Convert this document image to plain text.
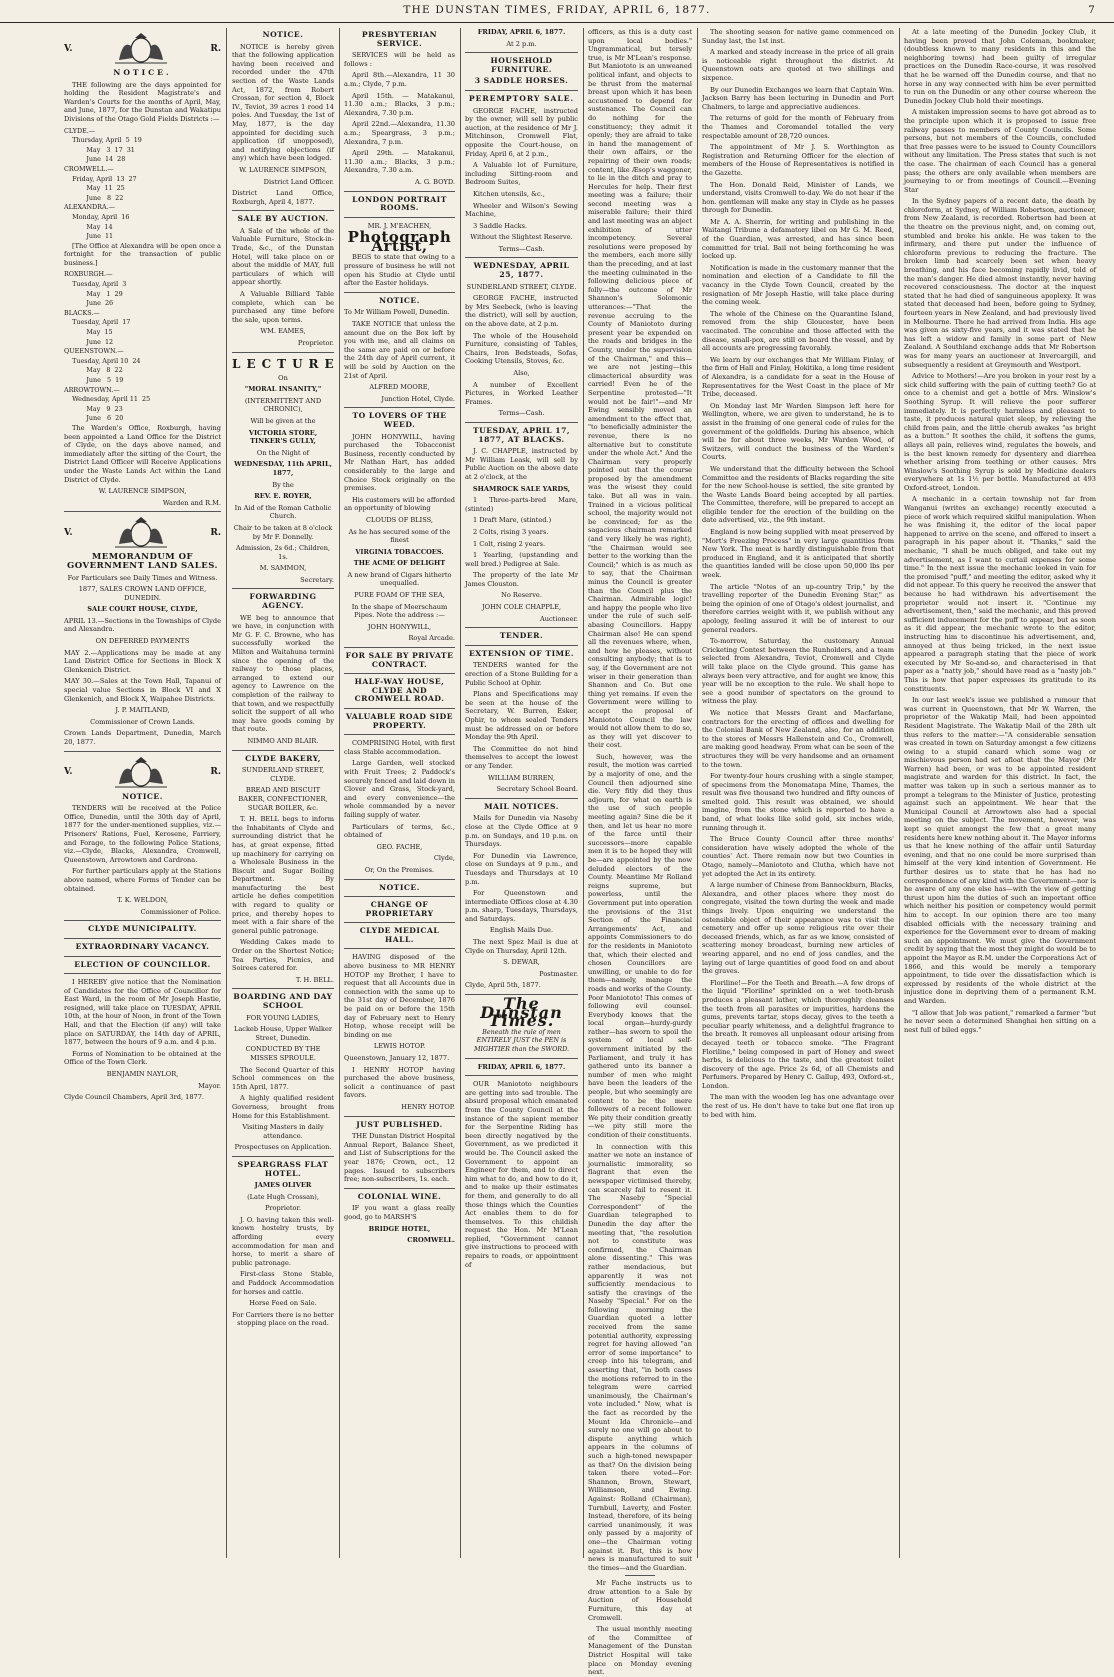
THE DUNSTAN TIMES, FRIDAY, APRIL 6, 1877.	7
V.	R.
NOTICE.

THE following are the days appointed for holding the Resident Magistrate's and Warden's Courts for the months of April, May, and June, 1877, for the Dunstan and Wakatipu Divisions of the Otago Gold Fields Districts :—

CLYDE.—
Thursday, April  5  19
May   3  17  31
June  14  28
CROMWELL.—
Friday, April  13  27
May  11  25
June   8  22
ALEXANDRA.—
Monday, April  16
May  14
June  11

[The Office at Alexandra will be open once a fortnight for the transaction of public business.]

ROXBURGH.—
Tuesday, April  3
May   1  29
June  26
BLACKS.—
Tuesday, April  17
May  15
June  12
QUEENSTOWN.—
Tuesday, April 10  24
May   8  22
June   5  19
ARROWTOWN.—
Wednesday, April 11  25
May   9  23
June   6  20

The Warden's Office, Roxburgh, having been appointed a Land Office for the District of Clyde, on the days above named, and immediately after the sitting of the Court, the District Land Officer will Receive Applications under the Waste Lands Act within the Land District of Clyde.

W. LAURENCE SIMPSON,

Warden and R.M.

V.	R.
MEMORANDUM OF GOVERNMENT LAND SALES.

For Particulars see Daily Times and Witness.

1877, SALES CROWN LAND OFFICE, DUNEDIN.

SALE COURT HOUSE, CLYDE,

APRIL 13.—Sections in the Townships of Clyde and Alexandra.

ON DEFERRED PAYMENTS

MAY 2.—Applications may be made at any Land District Office for Sections in Block X Glenkenich District.

MAY 30.—Sales at the Town Hall, Tapanui of special value Sections in Block VI and X Glenkenich, and Block X, Waipahee Districts.

J. P. MAITLAND,

Commissioner of Crown Lands.

Crown Lands Department, Dunedin, March 20, 1877.

V.	R.
NOTICE.

TENDERS will be received at the Police Office, Dunedin, until the 30th day of April, 1877 for the under-mentioned supplies, viz.—Prisoners' Rations, Fuel, Kerosene, Farriery, and Forage, to the following Police Stations, viz.—Clyde, Blacks, Alexandra, Cromwell, Queenstown, Arrowtown and Cardrona.

For further particulars apply at the Stations above named, where Forms of Tender can be obtained.

T. K. WELDON,

Commissioner of Police.

CLYDE MUNICIPALITY.
EXTRAORDINARY VACANCY.
ELECTION OF COUNCILLOR.

I HEREBY give notice that the Nomination of Candidates for the Office of Councillor for East Ward, in the room of Mr Joseph Hastie, resigned, will take place on TUESDAY, APRIL 10th, at the hour of Noon, in front of the Town Hall, and that the Election (if any) will take place on SATURDAY, the 14th day of APRIL, 1877, between the hours of 9 a.m. and 4 p.m.

Forms of Nomination to be obtained at the Office of the Town Clerk.

BENJAMIN NAYLOR,

Mayor.

Clyde Council Chambers, April 3rd, 1877.

NOTICE.

NOTICE is hereby given that the following application having been received and recorded under the 47th section of the Waste Lands Act, 1872, from Robert Crossan, for section 4, Block IV., Teviot, 39 acres 1 rood 14 poles. And Tuesday, the 1st of May, 1877, is the day appointed for deciding such application (if unopposed), and notifying objections (if any) which have been lodged.

W. LAURENCE SIMPSON,

District Land Officer.

District Land Office, Roxburgh, April 4, 1877.

SALE BY AUCTION.

A Sale of the whole of the Valuable Furniture, Stock-in-Trade, &c., of the Dunstan Hotel, will take place on or about the middle of MAY, full particulars of which will appear shortly.

A Valuable Billiard Table complete, which can be purchased any time before the sale, upon terms.

WM. EAMES,

Proprietor.

LECTURE

On

"MORAL INSANITY,"

(INTERMITTENT AND CHRONIC),

Will be given at the

VICTORIA STORE, TINKER'S GULLY,

On the Night of

WEDNESDAY, 11th APRIL, 1877,

By the

REV. E. ROYER,

In Aid of the Roman Catholic Church.

Chair to be taken at 8 o'clock by Mr F. Donnelly.

Admission, 2s 6d.; Children, 1s.

M. SAMMON,

Secretary.

FORWARDING AGENCY.

WE beg to announce that we have, in conjunction with Mr G. F. C. Browne, who has successfully worked the Milton and Waitahuna termini since the opening of the railway to those places, arranged to extend our agency to Lawrence on the completion of the railway to that town, and we respectfully solicit the support of all who may have goods coming by that route.

NIMMO AND BLAIR.

CLYDE BAKERY,

SUNDERLAND STREET, CLYDE.

BREAD AND BISCUIT BAKER, CONFECTIONER, SUGAR BOILER, &c.

T. H. BELL begs to inform the Inhabitants of Clyde and surrounding district that he has, at great expense, fitted up machinery for carrying on a Wholesale Business in the Biscuit and Sugar Boiling Department. By manufacturing the best article he defies competition with regard to quality or price, and thereby hopes to meet with a fair share of the general public patronage.

Wedding Cakes made to Order on the Shortest Notice; Tea Parties, Picnics, and Soirees catered for.

T. H. BELL.

BOARDING AND DAY SCHOOL

FOR YOUNG LADIES,

Lackeb House, Upper Walker Street, Dunedin.

CONDUCTED BY THE MISSES SPROULE.

The Second Quarter of this School commences on the 15th April, 1877.

A highly qualified resident Governess, brought from Home for this Establishment.

Visiting Masters in daily attendance.

Prospectuses on Application.

SPEARGRASS FLAT HOTEL.

JAMES OLIVER

(Late Hugh Crossan),

Proprietor.

J. O. having taken this well-known hostelry trusts, by affording every accommodation for man and horse, to merit a share of public patronage.

First-class Stone Stable, and Paddock Accommodation for horses and cattle.

Horse Feed on Sale.

For Carriers there is no better stopping place on the road.

PRESBYTERIAN SERVICE.

SERVICES will be held as follows :

April 8th.—Alexandra, 11 30 a.m.; Clyde, 7 p.m.

April 15th. — Matakanui, 11.30 a.m.; Blacks, 3 p.m.; Alexandra, 7.30 p.m.

April 22nd.—Alexandra, 11.30 a.m.; Speargrass, 3 p.m.; Alexandra, 7 p.m.

April 29th. — Matakanui, 11.30 a.m.; Blacks, 3 p.m.; Alexandra, 7.30 a.m.

A. G. BOYD.

LONDON PORTRAIT ROOMS.

MR. J. M'EACHEN,

Photograph Artist,

BEGS to state that owing to a pressure of business he will not open his Studio at Clyde until after the Easter holidays.

NOTICE.

To Mr William Powell, Dunedin.

TAKE NOTICE that unless the amount due on the Box left by you with me, and all claims on the same are paid on or before the 24th day of April current, it will be sold by Auction on the 21st of April.

ALFRED MOORE,

Junction Hotel, Clyde.

TO LOVERS OF THE WEED.

JOHN HONYWILL, having purchased the Tobacconist Business, recently conducted by Mr Nathan Hart, has added considerably to the large and Choice Stock originally on the premises.

His customers will be afforded an opportunity of blowing

CLOUDS OF BLISS,

As he has secured some of the finest

VIRGINIA TOBACCOES.

THE ACME OF DELIGHT

A new brand of Cigars hitherto unequalled.

PURE FOAM OF THE SEA,

In the shape of Meerschaum Pipes. Note the address :—

JOHN HONYWILL,

Royal Arcade.

FOR SALE BY PRIVATE CONTRACT.
HALF-WAY HOUSE, CLYDE AND CROMWELL ROAD.
VALUABLE ROAD SIDE PROPERTY.

COMPRISING Hotel, with first class Stable accommodation.

Large Garden, well stocked with Fruit Trees; 2 Paddock's securely fenced and laid down in Clover and Grass, Stock-yard, and every convenience—the whole commanded by a never failing supply of water.

Particulars of terms, &c., obtained of

GEO. FACHE,

Clyde,

Or, On the Premises.

NOTICE.
CHANGE OF PROPRIETARY
CLYDE MEDICAL HALL.

HAVING disposed of the above business to MR HENRY HOTOP my Brother, I have to request that all Accounts due in connection with the same up to the 31st day of December, 1876 be paid on or before the 15th day of February next to Henry Hotop, whose receipt will be binding on me

LEWIS HOTOP.

Queenstown, January 12, 1877.

I HENRY HOTOP having purchased the above business, solicit a continuance of past favors.

HENRY HOTOP.

JUST PUBLISHED.

THE Dunstan District Hospital Annual Report, Balance Sheet, and List of Subscriptions for the year 1876; Crown, oct., 12 pages. Issued to subscribers free; non-subscribers, 1s. each.

COLONIAL WINE.

IF you want a glass really good, go to MARSH'S

BRIDGE HOTEL,

CROMWELL.

FRIDAY, APRIL 6, 1877.

At 2 p.m.

HOUSEHOLD FURNITURE.
3 SADDLE HORSES.
PEREMPTORY SALE.

GEORGE FACHE, instructed by the owner, will sell by public auction, at the residence of Mr J. Mitchinson, Cromwell Flat, opposite the Court-house, on Friday, April 6, at 2 p.m.,

A Valuable lot of Furniture, including Sitting-room and Bedroom Suites,

Kitchen utensils, &c.,

Wheeler and Wilson's Sewing Machine,

3 Saddle Hacks.

Without the Slightest Reserve.

Terms—Cash.

WEDNESDAY, APRIL 25, 1877.

SUNDERLAND STREET, CLYDE.

GEORGE FACHE, instructed by Mrs Seebeck, (who is leaving the district), will sell by auction, on the above date, at 2 p.m.

The whole of the Household Furniture, consisting of Tables, Chairs, Iron Bedsteads, Sofas, Cooking Utensils, Stoves, &c.

Also,

A number of Excellent Pictures, in Worked Leather Frames.

Terms—Cash.

TUESDAY, APRIL 17, 1877, AT BLACKS.

J. C. CHAPPLE, instructed by Mr William Leask, will sell by Public Auction on the above date at 2 o'clock, at the

SHAMROCK SALE YARDS,

1 Three-parts-bred Mare, (stinted)

1 Draft Mare, (stinted.)

2 Colts, rising 3 years.

1 Colt, rising 2 years.

1 Yearling, (upstanding and well bred.) Pedigree at Sale.

The property of the late Mr James Clouston.

No Reserve.

JOHN COLE CHAPPLE,

Auctioneer.

TENDER.
EXTENSION OF TIME.

TENDERS wanted for the erection of a Stone Building for a Public School at Ophir.

Plans and Specifications may be seen at the house of the Secretary, W. Burren, Esker, Ophir, to whom sealed Tenders must be addressed on or before Monday the 9th April.

The Committee do not bind themselves to accept the lowest or any Tender.

WILLIAM BURREN,

Secretary School Board.

MAIL NOTICES.

Mails for Dunedin via Naseby close at the Clyde Office at 9 p.m. on Sundays, and 10 p.m. on Thursdays.

For Dunedin via Lawrence, close on Sundays at 9 p.m., and Tuesdays and Thursdays at 10 p.m.

For Queenstown and intermediate Offices close at 4.30 p.m. sharp, Tuesdays, Thursdays, and Saturdays.

English Mails Due.

The next Spez Mail is due at Clyde on Thursday, April 12th.

S. DEWAR,

Postmaster.

Clyde, April 5th, 1877.

The Dunstan Times.
Beneath the rule of men ENTIRELY JUST the PEN is MIGHTIER than the SWORD.

FRIDAY, APRIL 6, 1877.

OUR Maniototo neighbours are getting into sad trouble. The absurd proposal which emanated from the County Council at the instance of the sapient member for the Serpentine Riding has been directly negatived by the Government, as we predicted it would be. The Council asked the Government to appoint an Engineer for them, and to direct him what to do, and how to do it, and to make up their estimates for them, and generally to do all those things which the Counties Act enables them to do for themselves. To this childish request the Hon. Mr M'Lean replied, "Government cannot give instructions to proceed with repairs to roads, or appointment of

officers, as this is a duty cast upon local bodies." Ungrammatical, but tersely true, is Mr M'Lean's response. But Maniototo is an unweaned political infant, and objects to be thrust from the maternal breast upon which it has been accustomed to depend for sustenance. The Council can do nothing for the constituency; they admit it openly; they are afraid to take in hand the management of their own affairs, or the repairing of their own roads; content, like Æsop's waggoner, to lie in the ditch and pray to Hercules for help. Their first meeting was a failure; their second meeting was a miserable failure; their third and last meeting was an abject exhibition of utter incompetency. Several resolutions were proposed by the members, each more silly than the preceding, and at last the meeting culminated in the following delicious piece of folly—the outcome of Mr Shannon's Solomonic utterances:—"That the revenue accruing to the County of Maniototo during present year be expended on the roads and bridges in the County, under the supervision of the Chairman," and this—we are not jesting—this climacterical absurdity was carried! Even he of the Serpentine protested—"It would not be fair!"—and Mr Ewing sensibly moved an amendment to the effect that, "to beneficially administer the revenue, there is no alternative but to constitute under the whole Act." And the Chairman very properly pointed out that the course proposed by the amendment was the wisest they could take. But all was in vain. Trained in a vicious political school, the majority would not be convinced; for as the sagacious chairman remarked (and very likely he was right), "the Chairman would see better to the working than the Council;" which is as much as to say, that the Chairman minus the Council is greater than the Council plus the Chairman. Admirable logic! and happy the people who live under the rule of such self-abasing Councillors. Happy Chairman also! He can spend all the revenues where, when, and how he pleases, without consulting anybody; that is to say, if the Government are not wiser in their generation than Shannon and Co. But one thing yet remains. If even the Government were willing to accept the proposal of Maniototo Council the law would not allow them to do so, as they will yet discover to their cost.

Such, however, was the result, the motion was carried by a majority of one, and the Council then adjourned sine die. Very fitly did they thus adjourn, for what on earth is the use of such people meeting again? Sine die be it then, and let us hear no more of the farce until their successors—more capable men it is to be hoped they will be—are appointed by the now deluded electors of the County. Meantime Mr Rolland reigns supreme, but powerless, until the Government put into operation the provisions of the 31st Section of the Financial Arrangements' Act, and appoints Commissioners to do for the residents in Maniototo that, which their elected and chosen Councillors are unwilling, or unable to do for them—namely, manage the roads and works of the County. Poor Maniototo! This comes of following evil counsel. Everybody knows that the local organ—hurdy-gurdy rather—has sworn to spoil the system of local self-government initiated by the Parliament, and truly it has gathered unto its banner a number of men who might have been the leaders of the people, but who seemingly are content to be the mere followers of a recent follower. We pity their condition greatly—we pity still more the condition of their constituents.

In connection with this matter we note an instance of journalistic immorality, so flagrant that even the newspaper victimised thereby, can scarcely fail to resent it. The Naseby "Special Correspondent" of the Guardian telegraphed to Dunedin the day after the meeting that, "the resolution not to constitute was confirmed, the Chairman alone dissenting." This was rather mendacious, but apparently it was not sufficiently mendacious to satisfy the cravings of the Naseby "Special." For on the following morning the Guardian quoted a letter received from the same potential authority, expressing regret for having allowed "an error of some importance" to creep into his telegram, and asserting that, "in both cases the motions referred to in the telegram were carried unanimously, the Chairman's vote included." Now, what is the fact as recorded by the Mount Ida Chronicle—and surely no one will go about to dispute anything which appears in the columns of such a high-toned newspaper as that? On the division being taken there voted—For: Shannon, Brown, Stewart, Williamson, and Ewing. Against: Rolland (Chairman), Turnbull, Laverty, and Foster. Instead, therefore, of its being carried unanimously, it was only passed by a majority of one—the Chairman voting against it. But, this is how news is manufactured to suit the times—and the Guardian.

Mr Fache instructs us to draw attention to a Sale by Auction of Household Furniture, this day at Cromwell.

The usual monthly meeting of the Committee of Management of the Dunstan District Hospital will take place on Monday evening next.

The shooting season for native game commenced on Sunday last, the 1st inst.

A marked and steady increase in the price of all grain is noticeable right throughout the district. At Queenstown oats are quoted at two shillings and sixpence.

By our Dunedin Exchanges we learn that Captain Wm. Jackson Barry has been lecturing in Dunedin and Port Chalmers, to large and appreciative audiences.

The returns of gold for the month of February from the Thames and Coromandel totalled the very respectable amount of 28,720 ounces.

The appointment of Mr J. S. Worthington as Registration and Returning Officer for the election of members of the House of Representatives is notified in the Gazette.

The Hon. Donald Reid, Minister of Lands, we understand, visits Cromwell to-day. We do not hear if the hon. gentleman will make any stay in Clyde as he passes through for Dunedin.

Mr A. A. Sherrin, for writing and publishing in the Waitangi Tribune a defamatory libel on Mr G. M. Reed, of the Guardian, was arrested, and has since been committed for trial. Bail not being forthcoming he was locked up.

Notification is made in the customary manner that the nomination and election of a Candidate to fill the vacancy in the Clyde Town Council, created by the resignation of Mr Joseph Hastie, will take place during the coming week.

The whole of the Chinese on the Quarantine Island, removed from the ship Gloucester, have been vaccinated. The concubine and those affected with the disease, small-pox, are still on board the vessel, and by all accounts are progressing favorably.

We learn by our exchanges that Mr William Finlay, of the firm of Hall and Finlay, Hokitika, a long time resident of Alexandra, is a candidate for a seat in the House of Representatives for the West Coast in the place of Mr Tribe, deceased.

On Monday last Mr Warden Simpson left here for Wellington, where, we are given to understand, he is to assist in the framing of one general code of rules for the government of the goldfields. During his absence, which will be for about three weeks, Mr Warden Wood, of Switzers, will conduct the business of the Warden's Courts.

We understand that the difficulty between the School Committee and the residents of Blacks regarding the site for the new School-house is settled, the site granted by the Waste Lands Board being accepted by all parties. The Committee, therefore, will be prepared to accept an eligible tender for the erection of the building on the date advertised, viz., the 9th instant.

England is now being supplied with meat preserved by "Mort's Freezing Process" in very large quantities from New York. The meat is hardly distinguishable from that produced in England, and it is anticipated that shortly the quantities landed will be close upon 50,000 lbs per week.

The article "Notes of an up-country Trip," by the travelling reporter of the Dunedin Evening Star," as being the opinion of one of Otago's oldest journalist, and therefore carries weight with it, we publish without any apology, feeling assured it will be of interest to our general readers.

To-morrow, Saturday, the customary Annual Cricketing Contest between the Runholders, and a team selected from Alexandra, Teviot, Cromwell and Clyde will take place on the Clyde ground. This game has always been very attractive, and for aught we know, this year will be no exception to the rule. We shall hope to see a good number of spectators on the ground to witness the play.

We notice that Messrs Grant and Macfarlane, contractors for the erecting of offices and dwelling for the Colonial Bank of New Zealand, also, for an addition to the stores of Messrs Hallenstein and Co., Cromwell, are making good headway. From what can be seen of the structures they will be very handsome and an ornament to the town.

For twenty-four hours crushing with a single stamper, of specimens from the Monomatapa Mine, Thames, the result was five thousand two hundred and fifty ounces of smelted gold. This result was obtained, we should imagine, from the stone which is reported to have a band, of what looks like solid gold, six inches wide, running through it.

The Bruce County Council after three months' consideration have wisely adopted the whole of the counties' Act. There remain now but two Counties in Otago, namely—Maniototo and Clutha, which have not yet adopted the Act in its entirety.

A large number of Chinese from Bannockburn, Blacks, Alexandra, and other places where they most do congregate, visited the town during the week and made things lively. Upon enquiring we understand the ostensible object of their appearance was to visit the cemetery and offer up some religious rite over their deceased friends, which, as far as we know, consisted of scattering money broadcast, burning new articles of wearing apparel, and no end of joss candles, and the laying out of large quantities of good food on and about the graves.

Floriline!—For the Teeth and Breath.—A few drops of the liquid "Floriline" sprinkled on a wet tooth-brush produces a pleasant lather, which thoroughly cleanses the teeth from all parasites or impurities, hardens the gums, prevents tartar, stops decay, gives to the teeth a peculiar pearly whiteness, and a delightful fragrance to the breath. It removes all unpleasant odour arising from decayed teeth or tobacco smoke. "The Fragrant Floriline," being composed in part of Honey and sweet herbs, is delicious to the taste, and the greatest toilet discovery of the age. Price 2s 6d, of all Chemists and Perfumers. Prepared by Henry C. Gallup, 493, Oxford-st., London.

The man with the wooden leg has one advantage over the rest of us. He don't have to take but one flat iron up to bed with him.

At a late meeting of the Dunedin Jockey Club, it having been proved that John Coleman, bookmaker, (doubtless known to many residents in this and the neighboring towns) had been guilty of irregular practices on the Dunedin Race-course, it was resolved that he be warned off the Dunedin course, and that no horse in any way connected with him be ever permitted to run on the Dunedin or any other course whereon the Dunedin Jockey Club hold their meetings.

A mistaken impression seems to have got abroad as to the principle upon which it is proposed to issue free railway passes to members of County Councils. Some persons, but not members of the Councils, concluded that free passes were to be issued to County Councillors without any limitation. The Press states that such is not the case. The chairman of each Council has a general pass; the others are only available when members are journeying to or from meetings of Council.—Evening Star

In the Sydney papers of a recent date, the death by chloroform, at Sydney, of William Robertson, auctioneer, from New Zealand, is recorded. Robertson had been at the theatre on the previous night, and, on coming out, stumbled and broke his ankle. He was taken to the infirmary, and there put under the influence of chloroform previous to reducing the fracture. The broken limb had scarcely been set when heavy breathing, and his face becoming rapidly livid, told of the man's danger. He died almost instantly, never having recovered consciousness. The doctor at the inquest stated that he had died of sanguineous apoplexy. It was stated that deceased had been, before going to Sydney, fourteen years in New Zealand, and had previously lived in Melbourne. There he had arrived from India. His age was given as sixty-five years, and it was stated that he has left a widow and family in some part of New Zealand. A Southland exchange adds that Mr Robertson was for many years an auctioneer at Invercargill, and subsequently a resident at Greymouth and Westport.

Advice to Mothers!—Are you broken in your rest by a sick child suffering with the pain of cutting teeth? Go at once to a chemist and get a bottle of Mrs. Winslow's Soothing Syrup. It will relieve the poor sufferer immediately. It is perfectly harmless and pleasant to taste, it produces natural quiet sleep, by relieving the child from pain, and the little cherub awakes "as bright as a button." It soothes the child, it softens the gums, allays all pain, relieves wind, regulates the bowels, and is the best known remedy for dysentery and diarrhea whether arising from teething or other causes. Mrs Winslow's Soothing Syrup is sold by Medicine dealers everywhere at 1s 1½ per bottle. Manufactured at 493 Oxford-street, London.

A mechanic in a certain township not far from Wanganui (writes an exchange) recently executed a piece of work which required skilful manipulation. When he was finishing it, the editor of the local paper happened to arrive on the scene, and offered to insert a paragraph in his paper about it. "Thanks," said the mechanic, "I shall be much obliged, and take out my advertisement, as I want to curtail expenses for some time." In the next issue the mechanic looked in vain for the promised "puff," and meeting the editor, asked why it did not appear. To this query he received the answer that because he had withdrawn his advertisement the proprietor would not insert it. "Continue my advertisement, then," said the mechanic, and this proved sufficient inducement for the puff to appear, but as soon as it did appear, the mechanic wrote to the editor, instructing him to discontinue his advertisement, and, annoyed at thus being tricked, in the next issue appeared a paragraph stating that the piece of work executed by Mr So-and-so, and characterised in that paper as a "natty job," should have read as a "nasty job." This is how that paper expresses its gratitude to its constituents.

In our last week's issue we published a rumour that was current in Queenstown, that Mr W. Warren, the proprietor of the Wakatip Mail, had been appointed Resident Magistrate. The Wakatip Mail of the 28th ult thus refers to the matter:—"A considerable sensation was created in town on Saturday amongst a few citizens owing to a stupid canard which some wag or mischievous person had set afloat that the Mayor (Mr Warren) had been, or was to be appointed resident magistrate and warden for this district. In fact, the matter was taken up in such a serious manner as to prompt a telegram to the Minister of Justice, protesting against such an appointment. We hear that the Municipal Council at Arrowtown also had a special meeting on the subject. The movement, however, was kept so quiet amongst the few that a great many residents here knew nothing about it. The Mayor informs us that he knew nothing of the affair until Saturday evening, and that no one could be more surprised than himself at the very kind intention of Government. He further desires us to state that he has had no correspondence of any kind with the Government—nor is he aware of any one else has—with the view of getting thrust upon him the duties of such an important office which neither his position or competency would permit him to accept. In our opinion there are too many disabled officials with the necessary training and experience for the Government ever to dream of making such an appointment. We must give the Government credit by saying that the most they might do would be to appoint the Mayor as R.M. under the Corporations Act of 1866, and this would be merely a temporary appointment, to tide over the dissatisfaction which is expressed by residents of the whole district at the injustice done in depriving them of a permanent R.M. and Warden.

"I allow that Job was patient," remarked a farmer "but he never seen a determined Shanghai hen sitting on a nest full of biled eggs."
